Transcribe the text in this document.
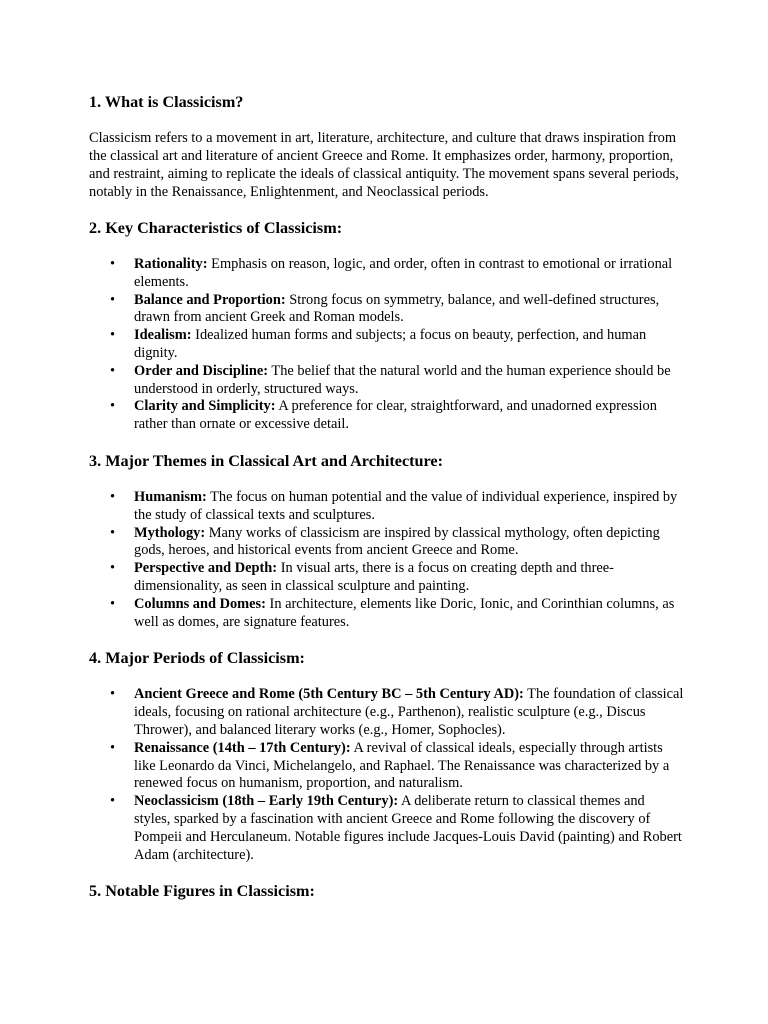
1. What is Classicism?

Classicism refers to a movement in art, literature, architecture, and culture that draws inspiration from the classical art and literature of ancient Greece and Rome. It emphasizes order, harmony, proportion, and restraint, aiming to replicate the ideals of classical antiquity. The movement spans several periods, notably in the Renaissance, Enlightenment, and Neoclassical periods.

2. Key Characteristics of Classicism:
• Rationality: Emphasis on reason, logic, and order, often in contrast to emotional or irrational elements.
• Balance and Proportion: Strong focus on symmetry, balance, and well-defined structures, drawn from ancient Greek and Roman models.
• Idealism: Idealized human forms and subjects; a focus on beauty, perfection, and human dignity.
• Order and Discipline: The belief that the natural world and the human experience should be understood in orderly, structured ways.
• Clarity and Simplicity: A preference for clear, straightforward, and unadorned expression rather than ornate or excessive detail.
3. Major Themes in Classical Art and Architecture:
• Humanism: The focus on human potential and the value of individual experience, inspired by the study of classical texts and sculptures.
• Mythology: Many works of classicism are inspired by classical mythology, often depicting gods, heroes, and historical events from ancient Greece and Rome.
• Perspective and Depth: In visual arts, there is a focus on creating depth and three-dimensionality, as seen in classical sculpture and painting.
• Columns and Domes: In architecture, elements like Doric, Ionic, and Corinthian columns, as well as domes, are signature features.
4. Major Periods of Classicism:
• Ancient Greece and Rome (5th Century BC – 5th Century AD): The foundation of classical ideals, focusing on rational architecture (e.g., Parthenon), realistic sculpture (e.g., Discus Thrower), and balanced literary works (e.g., Homer, Sophocles).
• Renaissance (14th – 17th Century): A revival of classical ideals, especially through artists like Leonardo da Vinci, Michelangelo, and Raphael. The Renaissance was characterized by a renewed focus on humanism, proportion, and naturalism.
• Neoclassicism (18th – Early 19th Century): A deliberate return to classical themes and styles, sparked by a fascination with ancient Greece and Rome following the discovery of Pompeii and Herculaneum. Notable figures include Jacques-Louis David (painting) and Robert Adam (architecture).
5. Notable Figures in Classicism:
